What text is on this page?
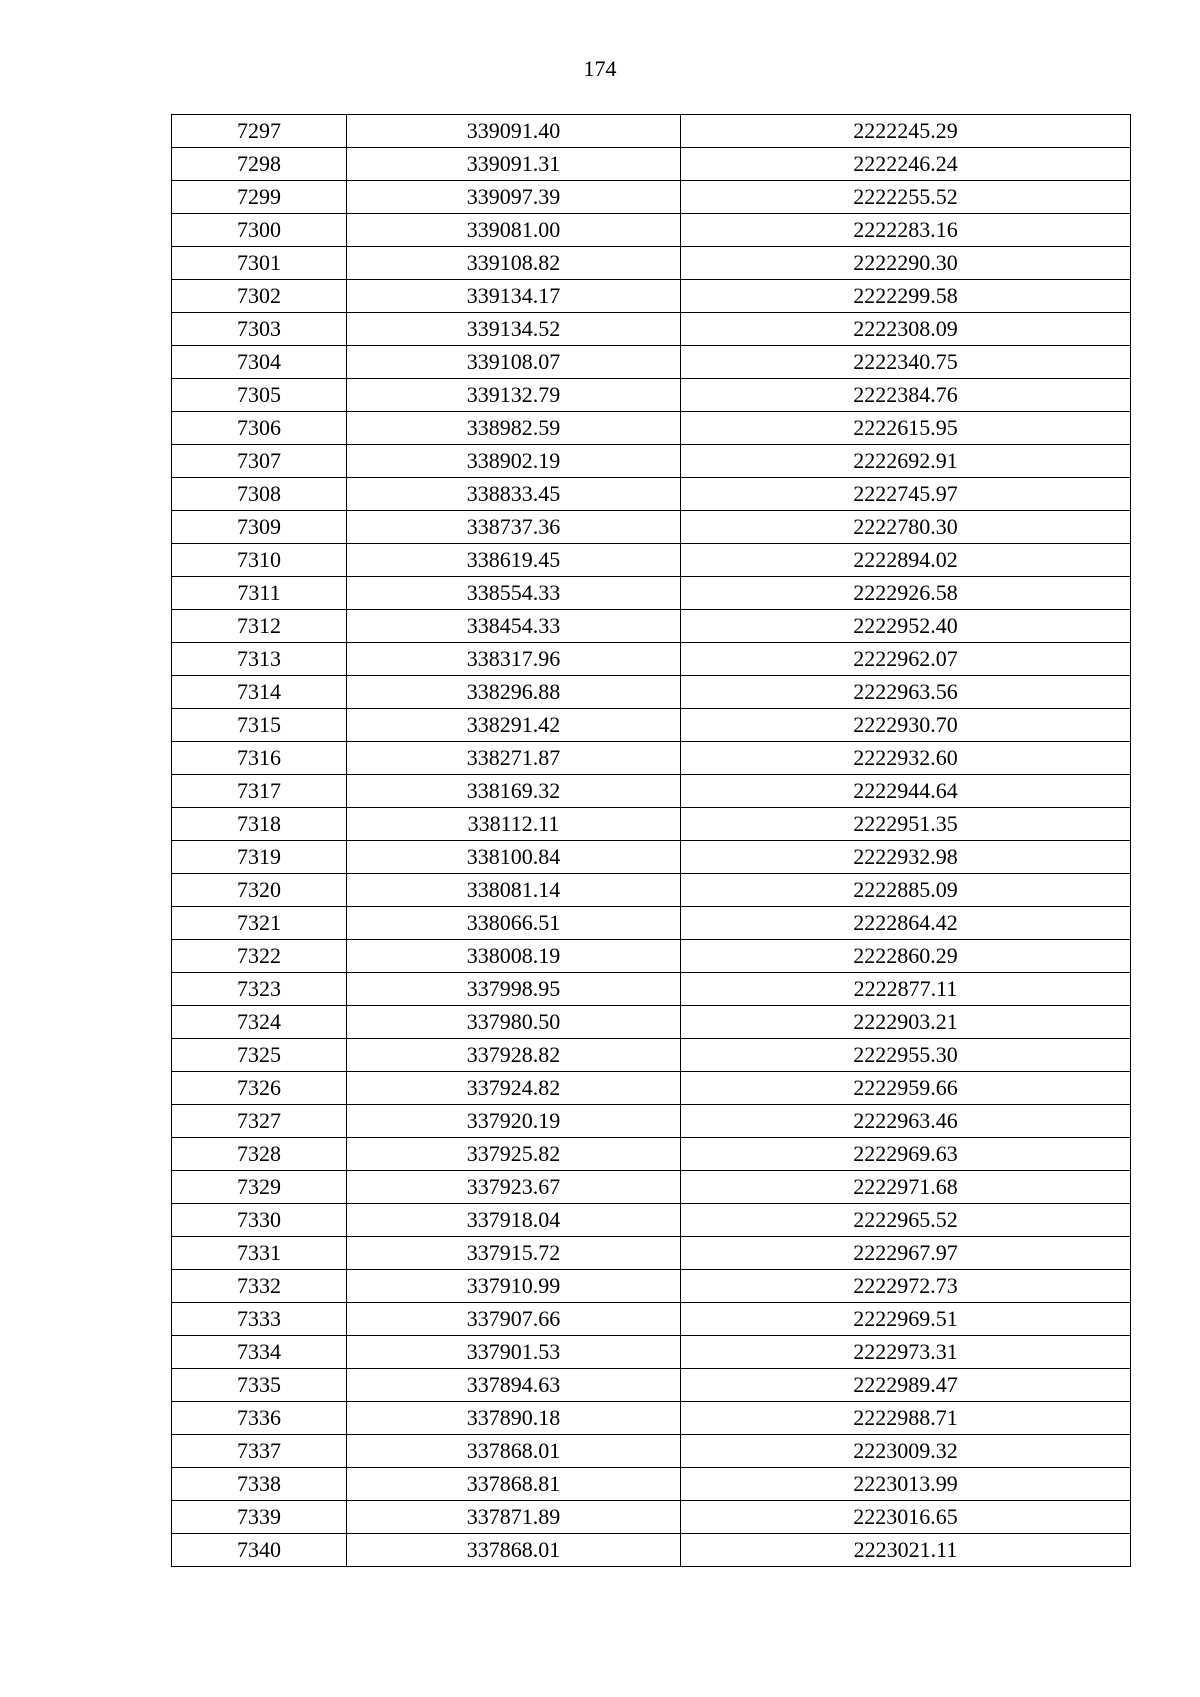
174
7297	339091.40	2222245.29
7298	339091.31	2222246.24
7299	339097.39	2222255.52
7300	339081.00	2222283.16
7301	339108.82	2222290.30
7302	339134.17	2222299.58
7303	339134.52	2222308.09
7304	339108.07	2222340.75
7305	339132.79	2222384.76
7306	338982.59	2222615.95
7307	338902.19	2222692.91
7308	338833.45	2222745.97
7309	338737.36	2222780.30
7310	338619.45	2222894.02
7311	338554.33	2222926.58
7312	338454.33	2222952.40
7313	338317.96	2222962.07
7314	338296.88	2222963.56
7315	338291.42	2222930.70
7316	338271.87	2222932.60
7317	338169.32	2222944.64
7318	338112.11	2222951.35
7319	338100.84	2222932.98
7320	338081.14	2222885.09
7321	338066.51	2222864.42
7322	338008.19	2222860.29
7323	337998.95	2222877.11
7324	337980.50	2222903.21
7325	337928.82	2222955.30
7326	337924.82	2222959.66
7327	337920.19	2222963.46
7328	337925.82	2222969.63
7329	337923.67	2222971.68
7330	337918.04	2222965.52
7331	337915.72	2222967.97
7332	337910.99	2222972.73
7333	337907.66	2222969.51
7334	337901.53	2222973.31
7335	337894.63	2222989.47
7336	337890.18	2222988.71
7337	337868.01	2223009.32
7338	337868.81	2223013.99
7339	337871.89	2223016.65
7340	337868.01	2223021.11
